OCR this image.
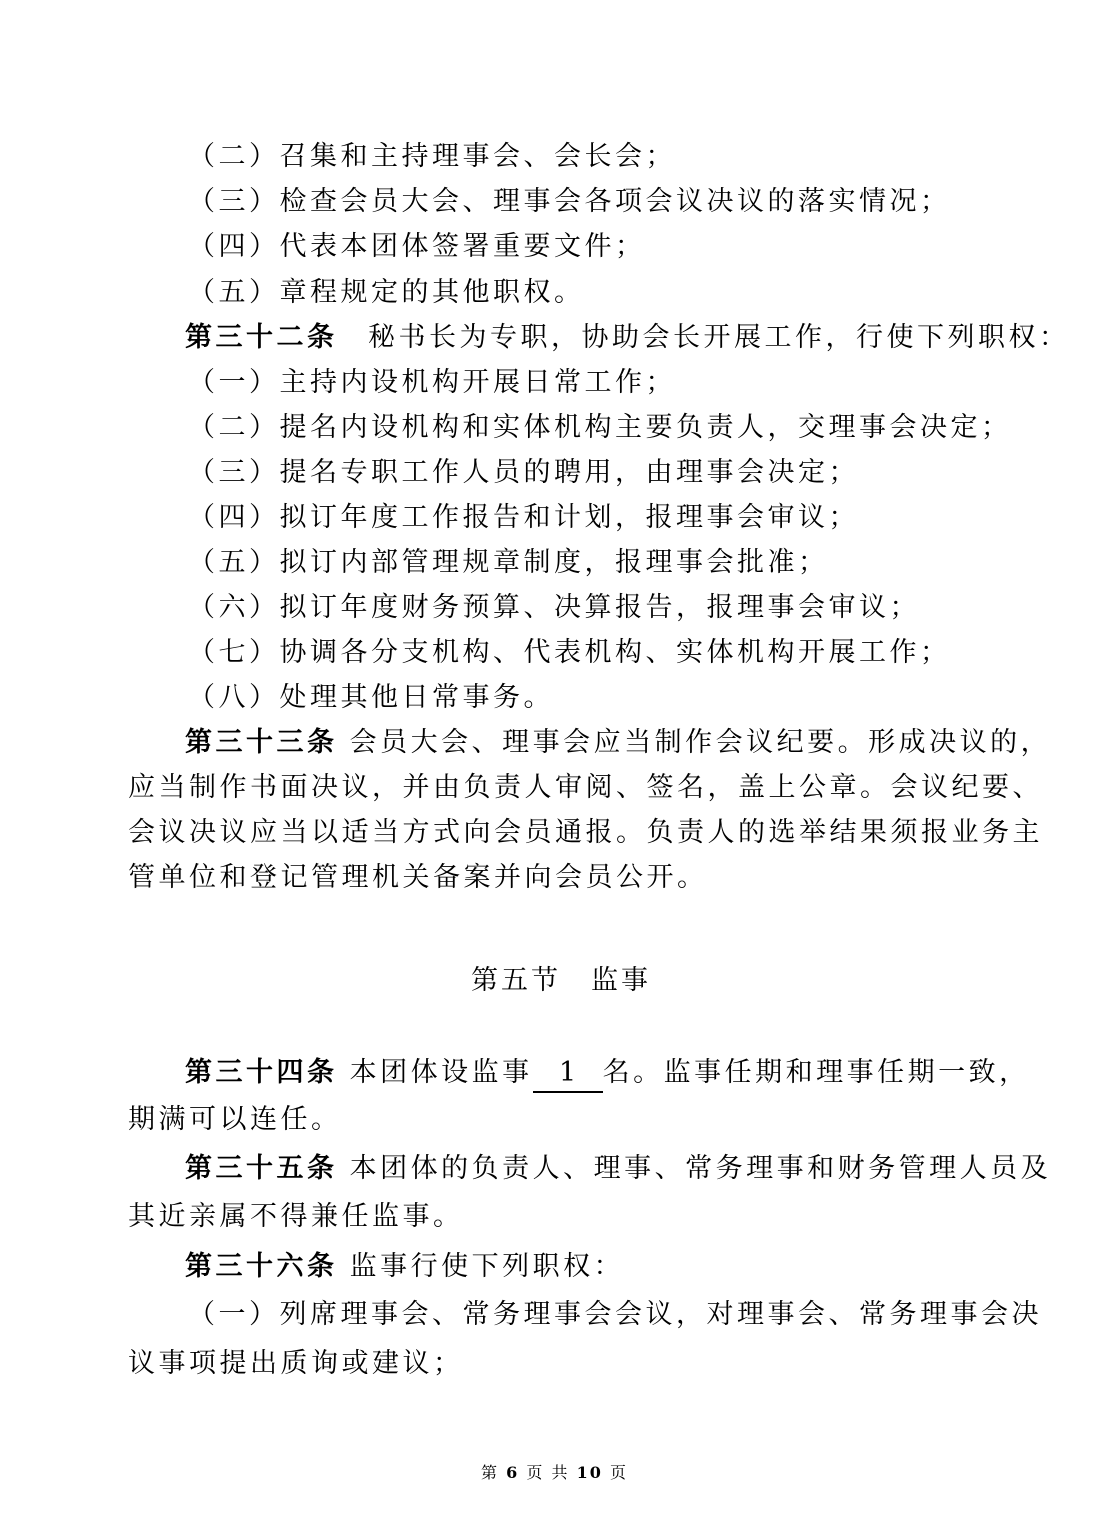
（二）召集和主持理事会、会长会；
（三）检查会员大会、理事会各项会议决议的落实情况；
（四）代表本团体签署重要文件；
（五）章程规定的其他职权。
第三十二条　 秘书长为专职，协助会长开展工作，行使下列职权：
（一）主持内设机构开展日常工作；
（二）提名内设机构和实体机构主要负责人，交理事会决定；
（三）提名专职工作人员的聘用，由理事会决定；
（四）拟订年度工作报告和计划，报理事会审议；
（五）拟订内部管理规章制度，报理事会批准；
（六）拟订年度财务预算、决算报告，报理事会审议；
（七）协调各分支机构、代表机构、实体机构开展工作；
（八）处理其他日常事务。
第三十三条 会员大会、理事会应当制作会议纪要。形成决议的，
应当制作书面决议，并由负责人审阅、签名，盖上公章。会议纪要、
会议决议应当以适当方式向会员通报。负责人的选举结果须报业务主
管单位和登记管理机关备案并向会员公开。
第五节　监事
第三十四条 本团体设监事 1 名。监事任期和理事任期一致，
期满可以连任。
第三十五条 本团体的负责人、理事、常务理事和财务管理人员及
其近亲属不得兼任监事。
第三十六条 监事行使下列职权：
（一）列席理事会、常务理事会会议，对理事会、常务理事会决
议事项提出质询或建议；
第 6 页 共 10 页
